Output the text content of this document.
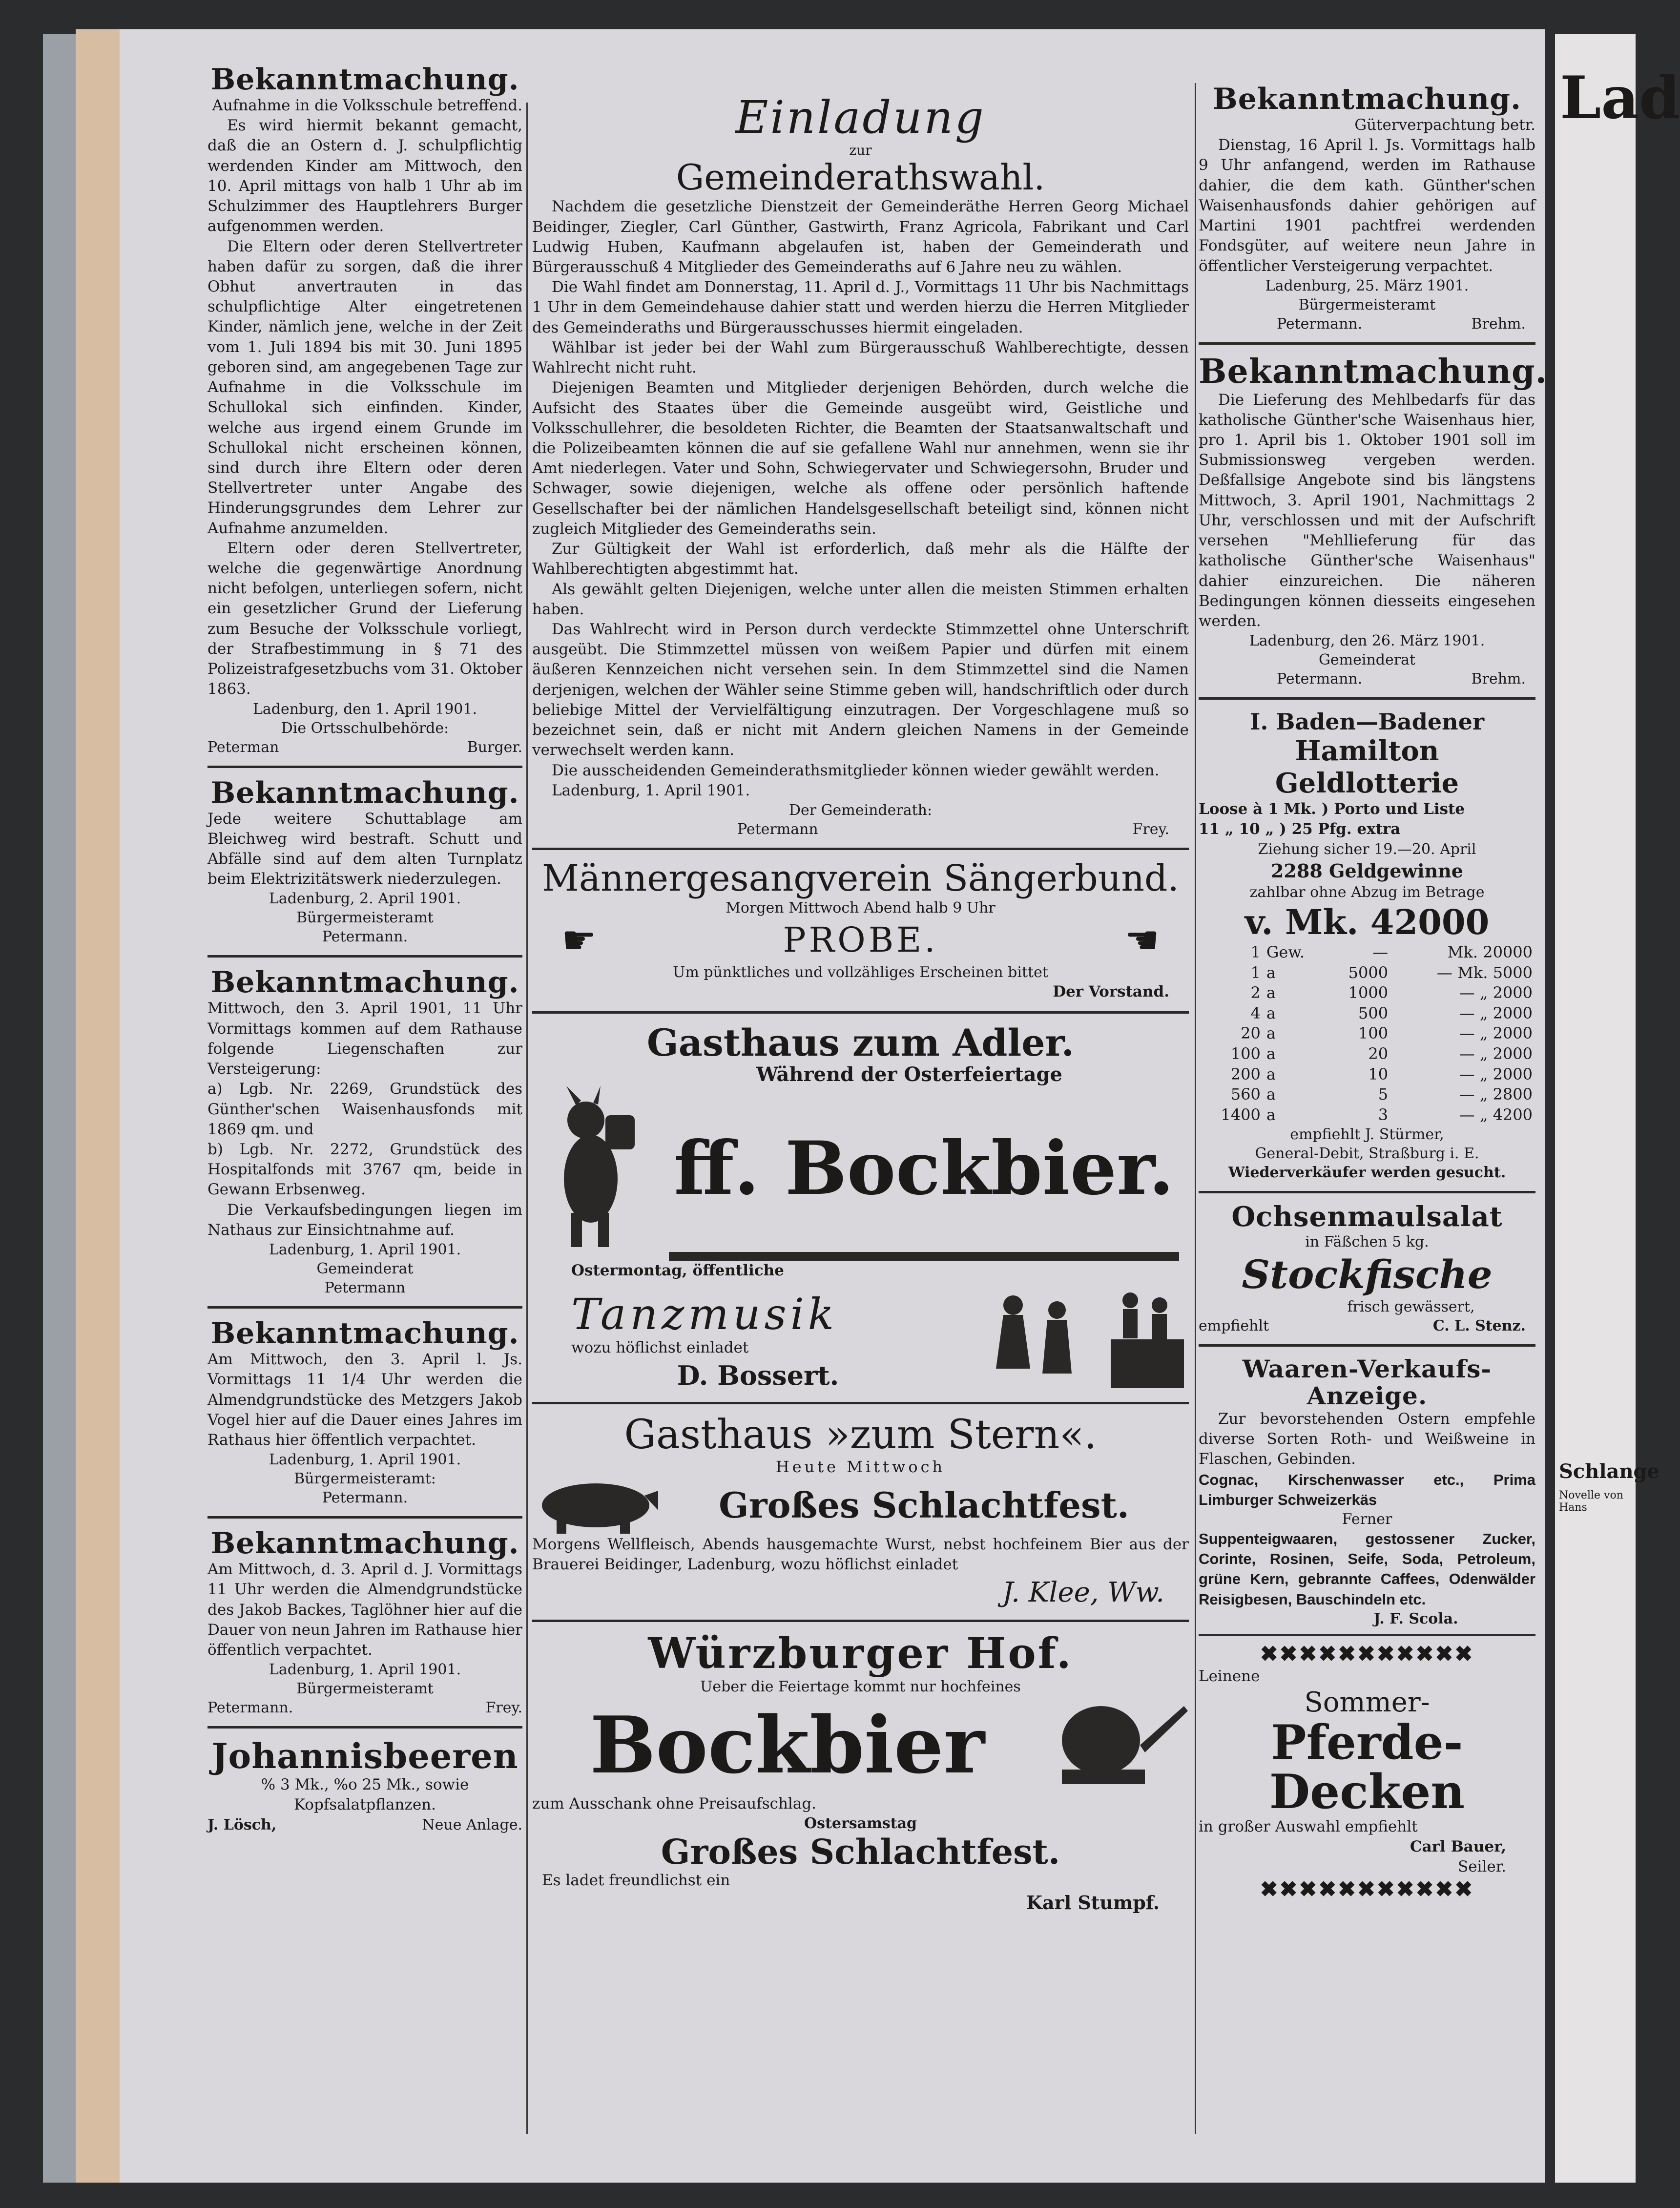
Bekanntmachung.
Aufnahme in die Volksschule betreffend.

Es wird hiermit bekannt gemacht, daß die an Ostern d. J. schulpflichtig werdenden Kinder am Mittwoch, den 10. April mittags von halb 1 Uhr ab im Schulzimmer des Hauptlehrers Burger aufgenommen werden.

Die Eltern oder deren Stellvertreter haben dafür zu sorgen, daß die ihrer Obhut anvertrauten in das schulpflichtige Alter eingetretenen Kinder, nämlich jene, welche in der Zeit vom 1. Juli 1894 bis mit 30. Juni 1895 geboren sind, am angegebenen Tage zur Aufnahme in die Volksschule im Schullokal sich einfinden. Kinder, welche aus irgend einem Grunde im Schullokal nicht erscheinen können, sind durch ihre Eltern oder deren Stellvertreter unter Angabe des Hinderungsgrundes dem Lehrer zur Aufnahme anzumelden.

Eltern oder deren Stellvertreter, welche die gegenwärtige Anordnung nicht befolgen, unterliegen sofern, nicht ein gesetzlicher Grund der Lieferung zum Besuche der Volksschule vorliegt, der Strafbestimmung in § 71 des Polizeistrafgesetzbuchs vom 31. Oktober 1863.

Ladenburg, den 1. April 1901.
Die Ortsschulbehörde:
Peterman	Burger.
Bekanntmachung.

Jede weitere Schuttablage am Bleichweg wird bestraft. Schutt und Abfälle sind auf dem alten Turnplatz beim Elektrizitätswerk niederzulegen.

Ladenburg, 2. April 1901.
Bürgermeisteramt
Petermann.
Bekanntmachung.

Mittwoch, den 3. April 1901, 11 Uhr Vormittags kommen auf dem Rathause folgende Liegenschaften zur Versteigerung:

a) Lgb. Nr. 2269, Grundstück des Günther'schen Waisenhausfonds mit 1869 qm. und

b) Lgb. Nr. 2272, Grundstück des Hospitalfonds mit 3767 qm, beide in Gewann Erbsenweg.

Die Verkaufsbedingungen liegen im Nathaus zur Einsichtnahme auf.

Ladenburg, 1. April 1901.
Gemeinderat
Petermann
Bekanntmachung.

Am Mittwoch, den 3. April l. Js. Vormittags 11 1/4 Uhr werden die Almendgrundstücke des Metzgers Jakob Vogel hier auf die Dauer eines Jahres im Rathaus hier öffentlich verpachtet.

Ladenburg, 1. April 1901.
Bürgermeisteramt:
Petermann.
Bekanntmachung.

Am Mittwoch, d. 3. April d. J. Vormittags 11 Uhr werden die Almendgrundstücke des Jakob Backes, Taglöhner hier auf die Dauer von neun Jahren im Rathause hier öffentlich verpachtet.

Ladenburg, 1. April 1901.
Bürgermeisteramt
Petermann.	Frey.
Johannisbeeren

% 3 Mk., %o 25 Mk., sowie Kopfsalatpflanzen.

J. Lösch,	Neue Anlage.
Einladung
zur
Gemeinderathswahl.

Nachdem die gesetzliche Dienstzeit der Gemeinderäthe Herren Georg Michael Beidinger, Ziegler, Carl Günther, Gastwirth, Franz Agricola, Fabrikant und Carl Ludwig Huben, Kaufmann abgelaufen ist, haben der Gemeinderath und Bürgerausschuß 4 Mitglieder des Gemeinderaths auf 6 Jahre neu zu wählen.

Die Wahl findet am Donnerstag, 11. April d. J., Vormittags 11 Uhr bis Nachmittags 1 Uhr in dem Gemeindehause dahier statt und werden hierzu die Herren Mitglieder des Gemeinderaths und Bürgerausschusses hiermit eingeladen.

Wählbar ist jeder bei der Wahl zum Bürgerausschuß Wahlberechtigte, dessen Wahlrecht nicht ruht.

Diejenigen Beamten und Mitglieder derjenigen Behörden, durch welche die Aufsicht des Staates über die Gemeinde ausgeübt wird, Geistliche und Volksschullehrer, die besoldeten Richter, die Beamten der Staatsanwaltschaft und die Polizeibeamten können die auf sie gefallene Wahl nur annehmen, wenn sie ihr Amt niederlegen. Vater und Sohn, Schwiegervater und Schwiegersohn, Bruder und Schwager, sowie diejenigen, welche als offene oder persönlich haftende Gesellschafter bei der nämlichen Handelsgesellschaft beteiligt sind, können nicht zugleich Mitglieder des Gemeinderaths sein.

Zur Gültigkeit der Wahl ist erforderlich, daß mehr als die Hälfte der Wahlberechtigten abgestimmt hat.

Als gewählt gelten Diejenigen, welche unter allen die meisten Stimmen erhalten haben.

Das Wahlrecht wird in Person durch verdeckte Stimmzettel ohne Unterschrift ausgeübt. Die Stimmzettel müssen von weißem Papier und dürfen mit einem äußeren Kennzeichen nicht versehen sein. In dem Stimmzettel sind die Namen derjenigen, welchen der Wähler seine Stimme geben will, handschriftlich oder durch beliebige Mittel der Vervielfältigung einzutragen. Der Vorgeschlagene muß so bezeichnet sein, daß er nicht mit Andern gleichen Namens in der Gemeinde verwechselt werden kann.

Die ausscheidenden Gemeinderathsmitglieder können wieder gewählt werden.

Ladenburg, 1. April 1901.
Der Gemeinderath:
Petermann	Frey.
Männergesangverein Sängerbund.
Morgen Mittwoch Abend halb 9 Uhr
☛	PROBE.	☚
Um pünktliches und vollzähliges Erscheinen bittet
Der Vorstand.
Gasthaus zum Adler.
Während der Osterfeiertage
ff. Bockbier.
Ostermontag, öffentliche
Tanzmusik
wozu höflichst einladet
D. Bossert.
Gasthaus »zum Stern«.
Heute Mittwoch
Großes Schlachtfest.

Morgens Wellfleisch, Abends hausgemachte Wurst, nebst hochfeinem Bier aus der Brauerei Beidinger, Ladenburg, wozu höflichst einladet

J. Klee, Ww.
Würzburger Hof.
Ueber die Feiertage kommt nur hochfeines
Bockbier
zum Ausschank ohne Preisaufschlag.
Ostersamstag
Großes Schlachtfest.
Es ladet freundlichst ein
Karl Stumpf.
Bekanntmachung.
Güterverpachtung betr.

Dienstag, 16 April l. Js. Vormittags halb 9 Uhr anfangend, werden im Rathause dahier, die dem kath. Günther'schen Waisenhausfonds dahier gehörigen auf Martini 1901 pachtfrei werdenden Fondsgüter, auf weitere neun Jahre in öffentlicher Versteigerung verpachtet.

Ladenburg, 25. März 1901.
Bürgermeisteramt
Petermann.	Brehm.
Bekanntmachung.

Die Lieferung des Mehlbedarfs für das katholische Günther'sche Waisenhaus hier, pro 1. April bis 1. Oktober 1901 soll im Submissionsweg vergeben werden. Deßfallsige Angebote sind bis längstens Mittwoch, 3. April 1901, Nachmittags 2 Uhr, verschlossen und mit der Aufschrift versehen "Mehllieferung für das katholische Günther'sche Waisenhaus" dahier einzureichen. Die näheren Bedingungen können diesseits eingesehen werden.

Ladenburg, den 26. März 1901.
Gemeinderat
Petermann.	Brehm.
I. Baden—Badener
Hamilton Geldlotterie
Loose à 1 Mk. ) Porto und Liste
11 „ 10 „ ) 25 Pfg. extra
Ziehung sicher 19.—20. April
2288 Geldgewinne
zahlbar ohne Abzug im Betrage
v. Mk. 42000
1	Gew.	—	Mk. 20000
1	a	5000	— Mk. 5000
2	a	1000	— „ 2000
4	a	500	— „ 2000
20	a	100	— „ 2000
100	a	20	— „ 2000
200	a	10	— „ 2000
560	a	5	— „ 2800
1400	a	3	— „ 4200
empfiehlt J. Stürmer,
General-Debit, Straßburg i. E.
Wiederverkäufer werden gesucht.
Ochsenmaulsalat
in Fäßchen 5 kg.
Stockfische
frisch gewässert,
empfiehlt	C. L. Stenz.
Waaren-Verkaufs-Anzeige.

Zur bevorstehenden Ostern empfehle diverse Sorten Roth- und Weißweine in Flaschen, Gebinden.

Cognac, Kirschenwasser etc., Prima Limburger Schweizerkäs

Ferner

Suppenteigwaaren, gestossener Zucker, Corinte, Rosinen, Seife, Soda, Petroleum, grüne Kern, gebrannte Caffees, Odenwälder Reisigbesen, Bauschindeln etc.

J. F. Scola.
✖✖✖✖✖✖✖✖✖✖✖
Leinene
Sommer-
Pferde-Decken
in großer Auswahl empfiehlt
Carl Bauer,
Seiler.
✖✖✖✖✖✖✖✖✖✖✖
Lad
Schlange
Novelle von Hans
